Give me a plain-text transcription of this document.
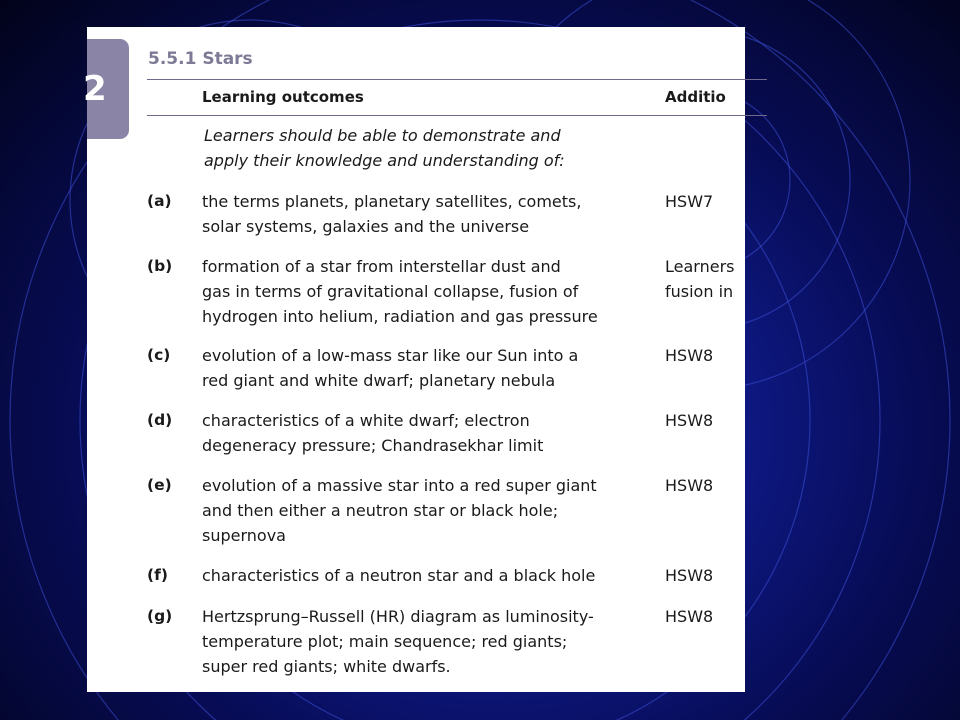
2
5.5.1 Stars
Learning outcomes	Additio
Learners should be able to demonstrate and
apply their knowledge and understanding of:
(a) the terms planets, planetary satellites, comets,
solar systems, galaxies and the universe
HSW7
(b) formation of a star from interstellar dust and
gas in terms of gravitational collapse, fusion of
hydrogen into helium, radiation and gas pressure
Learners
fusion in
(c) evolution of a low-mass star like our Sun into a
red giant and white dwarf; planetary nebula
HSW8
(d) characteristics of a white dwarf; electron
degeneracy pressure; Chandrasekhar limit
HSW8
(e) evolution of a massive star into a red super giant
and then either a neutron star or black hole;
supernova
HSW8
(f) characteristics of a neutron star and a black hole	HSW8
(g) Hertzsprung–Russell (HR) diagram as luminosity-
temperature plot; main sequence; red giants;
super red giants; white dwarfs.
HSW8
